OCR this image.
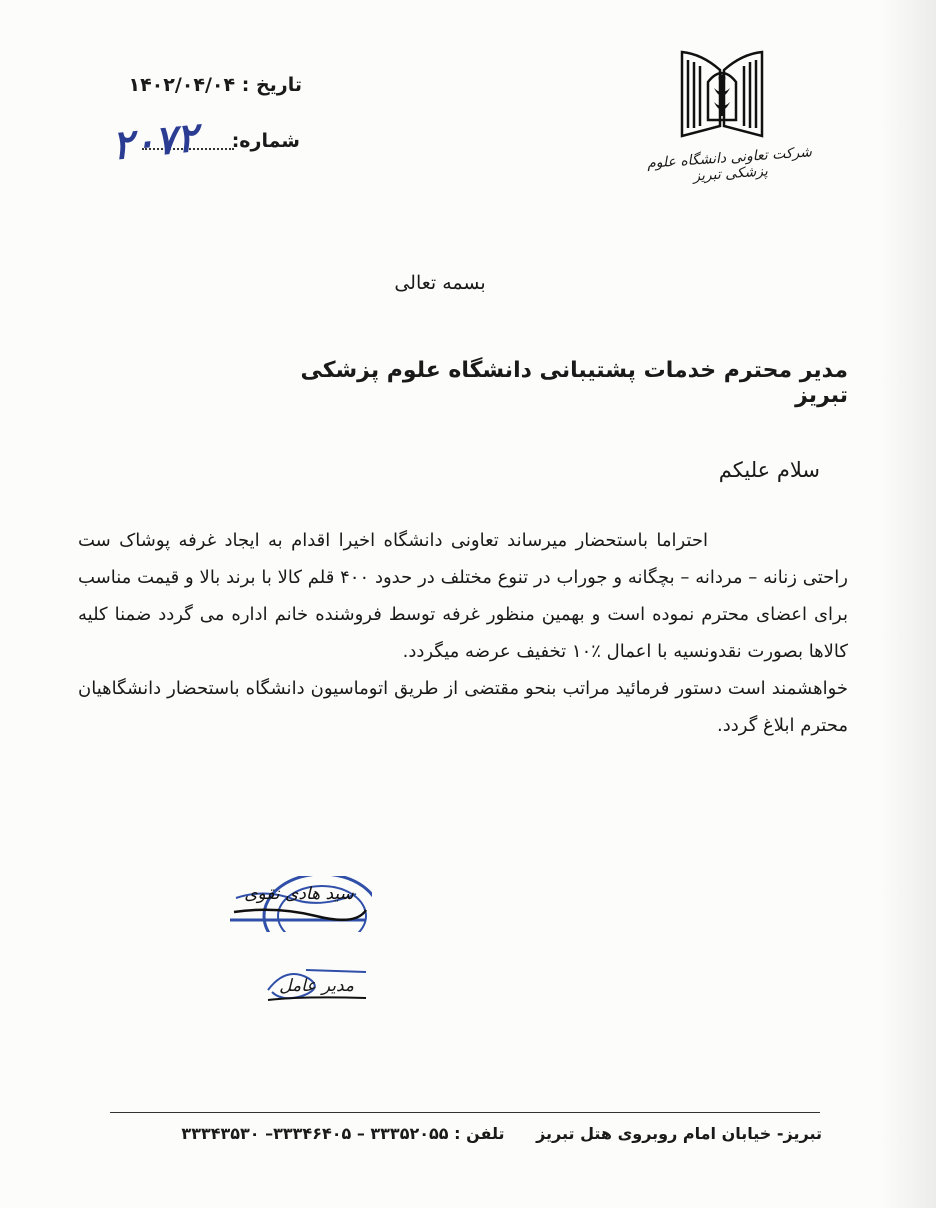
تاریخ : ۱۴۰۲/۰۴/۰۴
شماره:
۲۰۷۲	شرکت تعاونی دانشگاه علوم پزشکی تبریز
بسمه تعالی
مدیر محترم خدمات پشتیبانی دانشگاه علوم پزشکی تبریز
سلام علیکم

احتراما باستحضار میرساند تعاونی دانشگاه اخیرا اقدام به ایجاد غرفه پوشاک ست راحتی زنانه – مردانه – بچگانه و جوراب در تنوع مختلف در حدود ۴۰۰ قلم کالا با برند بالا و قیمت مناسب برای اعضای محترم نموده است و بهمین منظور غرفه توسط فروشنده خانم اداره می گردد ضمنا کلیه کالاها بصورت نقدونسیه با اعمال ٪۱۰ تخفیف عرضه میگردد.

خواهشمند است دستور فرمائید مراتب بنحو مقتضی از طریق اتوماسیون دانشگاه باستحضار دانشگاهیان محترم ابلاغ گردد.

سید هادی نقوی
مدیر عامل
تبریز- خیابان امام روبروی هتل تبریز تلفن : ۳۳۳۵۲۰۵۵ – ۳۳۳۴۶۴۰۵– ۳۳۳۴۳۵۳۰
